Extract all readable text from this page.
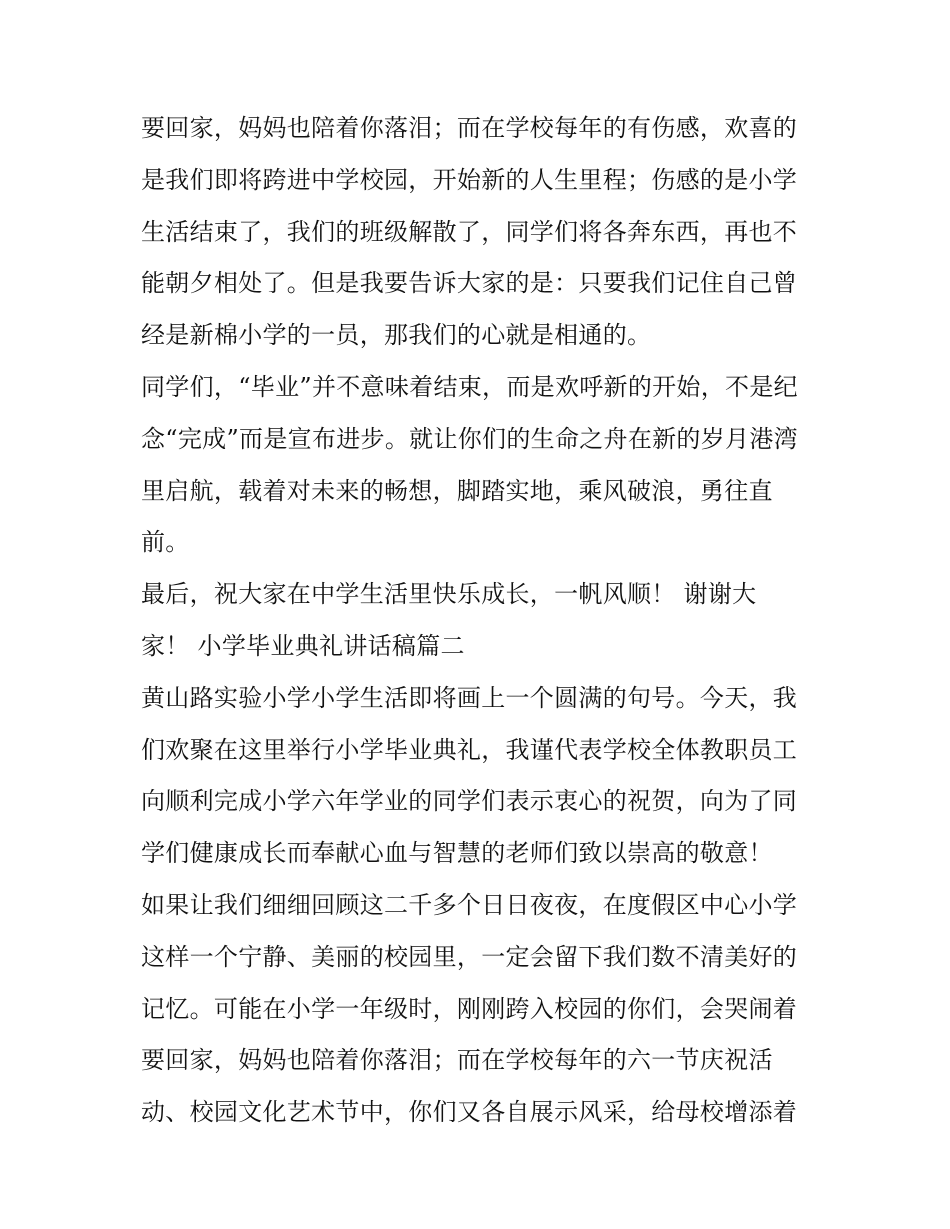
要回家，妈妈也陪着你落泪；而在学校每年的有伤感，欢喜的
是我们即将跨进中学校园，开始新的人生里程；伤感的是小学
生活结束了，我们的班级解散了，同学们将各奔东西，再也不
能朝夕相处了。但是我要告诉大家的是：只要我们记住自己曾
经是新棉小学的一员，那我们的心就是相通的。
同学们，“毕业”并不意味着结束，而是欢呼新的开始，不是纪
念“完成”而是宣布进步。就让你们的生命之舟在新的岁月港湾
里启航，载着对未来的畅想，脚踏实地，乘风破浪，勇往直
前。
最后，祝大家在中学生活里快乐成长，一帆风顺！ 谢谢大
家！ 小学毕业典礼讲话稿篇二
黄山路实验小学小学生活即将画上一个圆满的句号。今天，我
们欢聚在这里举行小学毕业典礼，我谨代表学校全体教职员工
向顺利完成小学六年学业的同学们表示衷心的祝贺，向为了同
学们健康成长而奉献心血与智慧的老师们致以崇高的敬意！
如果让我们细细回顾这二千多个日日夜夜，在度假区中心小学
这样一个宁静、美丽的校园里，一定会留下我们数不清美好的
记忆。可能在小学一年级时，刚刚跨入校园的你们，会哭闹着
要回家，妈妈也陪着你落泪；而在学校每年的六一节庆祝活
动、校园文化艺术节中，你们又各自展示风采，给母校增添着
